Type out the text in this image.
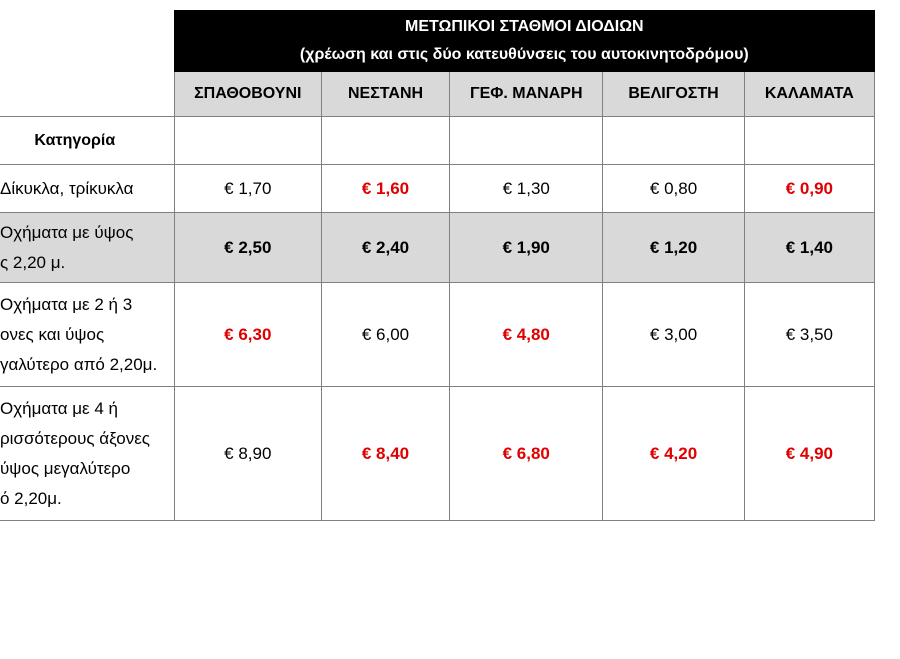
	ΜΕΤΩΠΙΚΟΙ ΣΤΑΘΜΟΙ ΔΙΟΔΙΩΝ
(χρέωση και στις δύο κατευθύνσεις του αυτοκινητοδρόμου)				

	ΣΠΑΘΟΒΟΥΝΙ	ΝΕΣΤΑΝΗ	ΓΕΦ. ΜΑΝΑΡΗ	ΒΕΛΙΓΟΣΤΗ	ΚΑΛΑΜΑΤΑ
Κατηγορία					

Δίκυκλα, τρίκυκλα	€ 1,70	€ 1,60	€ 1,30	€ 0,80	€ 0,90

Οχήματα με ύψος
ς 2,20 μ.	€ 2,50	€ 2,40	€ 1,90	€ 1,20	€ 1,40

Οχήματα με 2 ή 3
ονες και ύψος
γαλύτερο από 2,20μ.	€ 6,30	€ 6,00	€ 4,80	€ 3,00	€ 3,50

Οχήματα με 4 ή
ρισσότερους άξονες
ύψος μεγαλύτερο
ό 2,20μ.	€ 8,90	€ 8,40	€ 6,80	€ 4,20	€ 4,90
